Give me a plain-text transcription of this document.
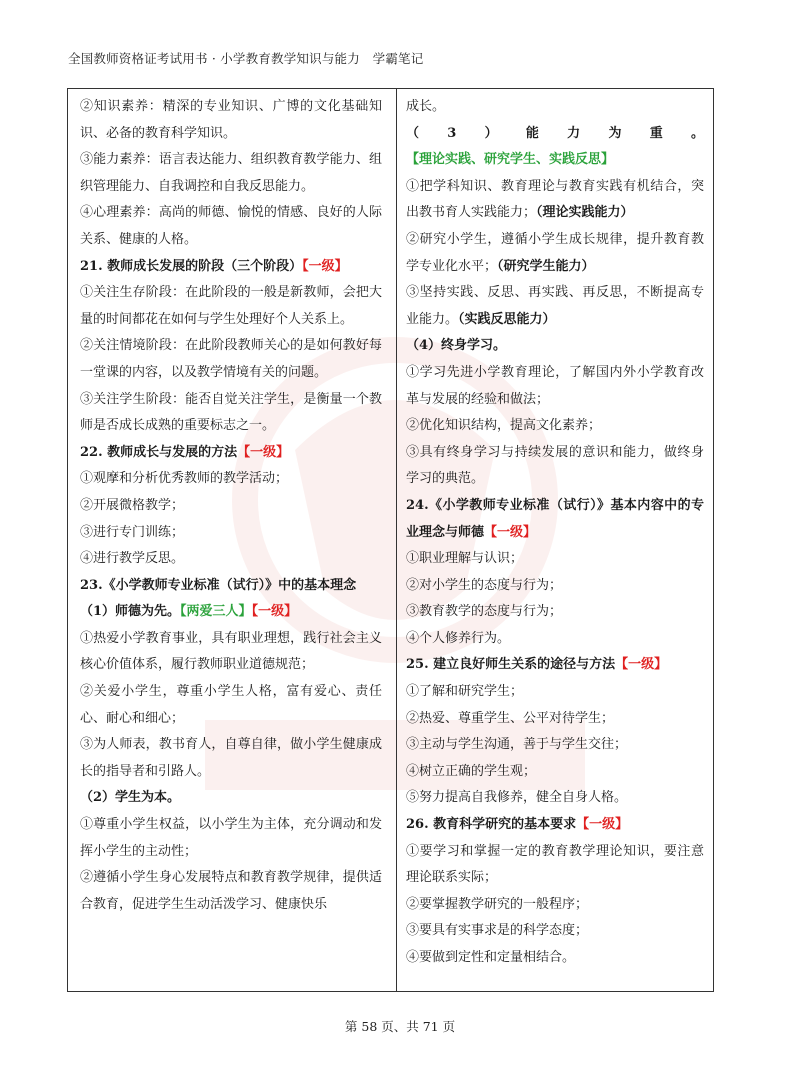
全国教师资格证考试用书 · 小学教育教学知识与能力　学霸笔记

②知识素养：精深的专业知识、广博的文化基础知识、必备的教育科学知识。

③能力素养：语言表达能力、组织教育教学能力、组织管理能力、自我调控和自我反思能力。

④心理素养：高尚的师德、愉悦的情感、良好的人际关系、健康的人格。

21. 教师成长发展的阶段（三个阶段）【一级】

①关注生存阶段：在此阶段的一般是新教师，会把大量的时间都花在如何与学生处理好个人关系上。

②关注情境阶段：在此阶段教师关心的是如何教好每一堂课的内容，以及教学情境有关的问题。

③关注学生阶段：能否自觉关注学生，是衡量一个教师是否成长成熟的重要标志之一。

22. 教师成长与发展的方法【一级】

①观摩和分析优秀教师的教学活动；

②开展微格教学；

③进行专门训练；

④进行教学反思。

23.《小学教师专业标准（试行）》中的基本理念

（1）师德为先。【两爱三人】【一级】

①热爱小学教育事业，具有职业理想，践行社会主义核心价值体系，履行教师职业道德规范；

②关爱小学生，尊重小学生人格，富有爱心、责任心、耐心和细心；

③为人师表，教书育人，自尊自律，做小学生健康成长的指导者和引路人。

（2）学生为本。

①尊重小学生权益，以小学生为主体，充分调动和发挥小学生的主动性；

②遵循小学生身心发展特点和教育教学规律，提供适合教育，促进学生生动活泼学习、健康快乐

成长。

（3）能力为重。【理论实践、研究学生、实践反思】

①把学科知识、教育理论与教育实践有机结合，突出教书育人实践能力；（理论实践能力）

②研究小学生，遵循小学生成长规律，提升教育教学专业化水平；（研究学生能力）

③坚持实践、反思、再实践、再反思，不断提高专业能力。（实践反思能力）

（4）终身学习。

①学习先进小学教育理论，了解国内外小学教育改革与发展的经验和做法；

②优化知识结构，提高文化素养；

③具有终身学习与持续发展的意识和能力，做终身学习的典范。

24.《小学教师专业标准（试行）》基本内容中的专业理念与师德【一级】

①职业理解与认识；

②对小学生的态度与行为；

③教育教学的态度与行为；

④个人修养行为。

25. 建立良好师生关系的途径与方法【一级】

①了解和研究学生；

②热爱、尊重学生、公平对待学生；

③主动与学生沟通，善于与学生交往；

④树立正确的学生观；

⑤努力提高自我修养，健全自身人格。

26. 教育科学研究的基本要求【一级】

①要学习和掌握一定的教育教学理论知识，要注意理论联系实际；

②要掌握教学研究的一般程序；

③要具有实事求是的科学态度；

④要做到定性和定量相结合。

第 58 页、共 71 页
